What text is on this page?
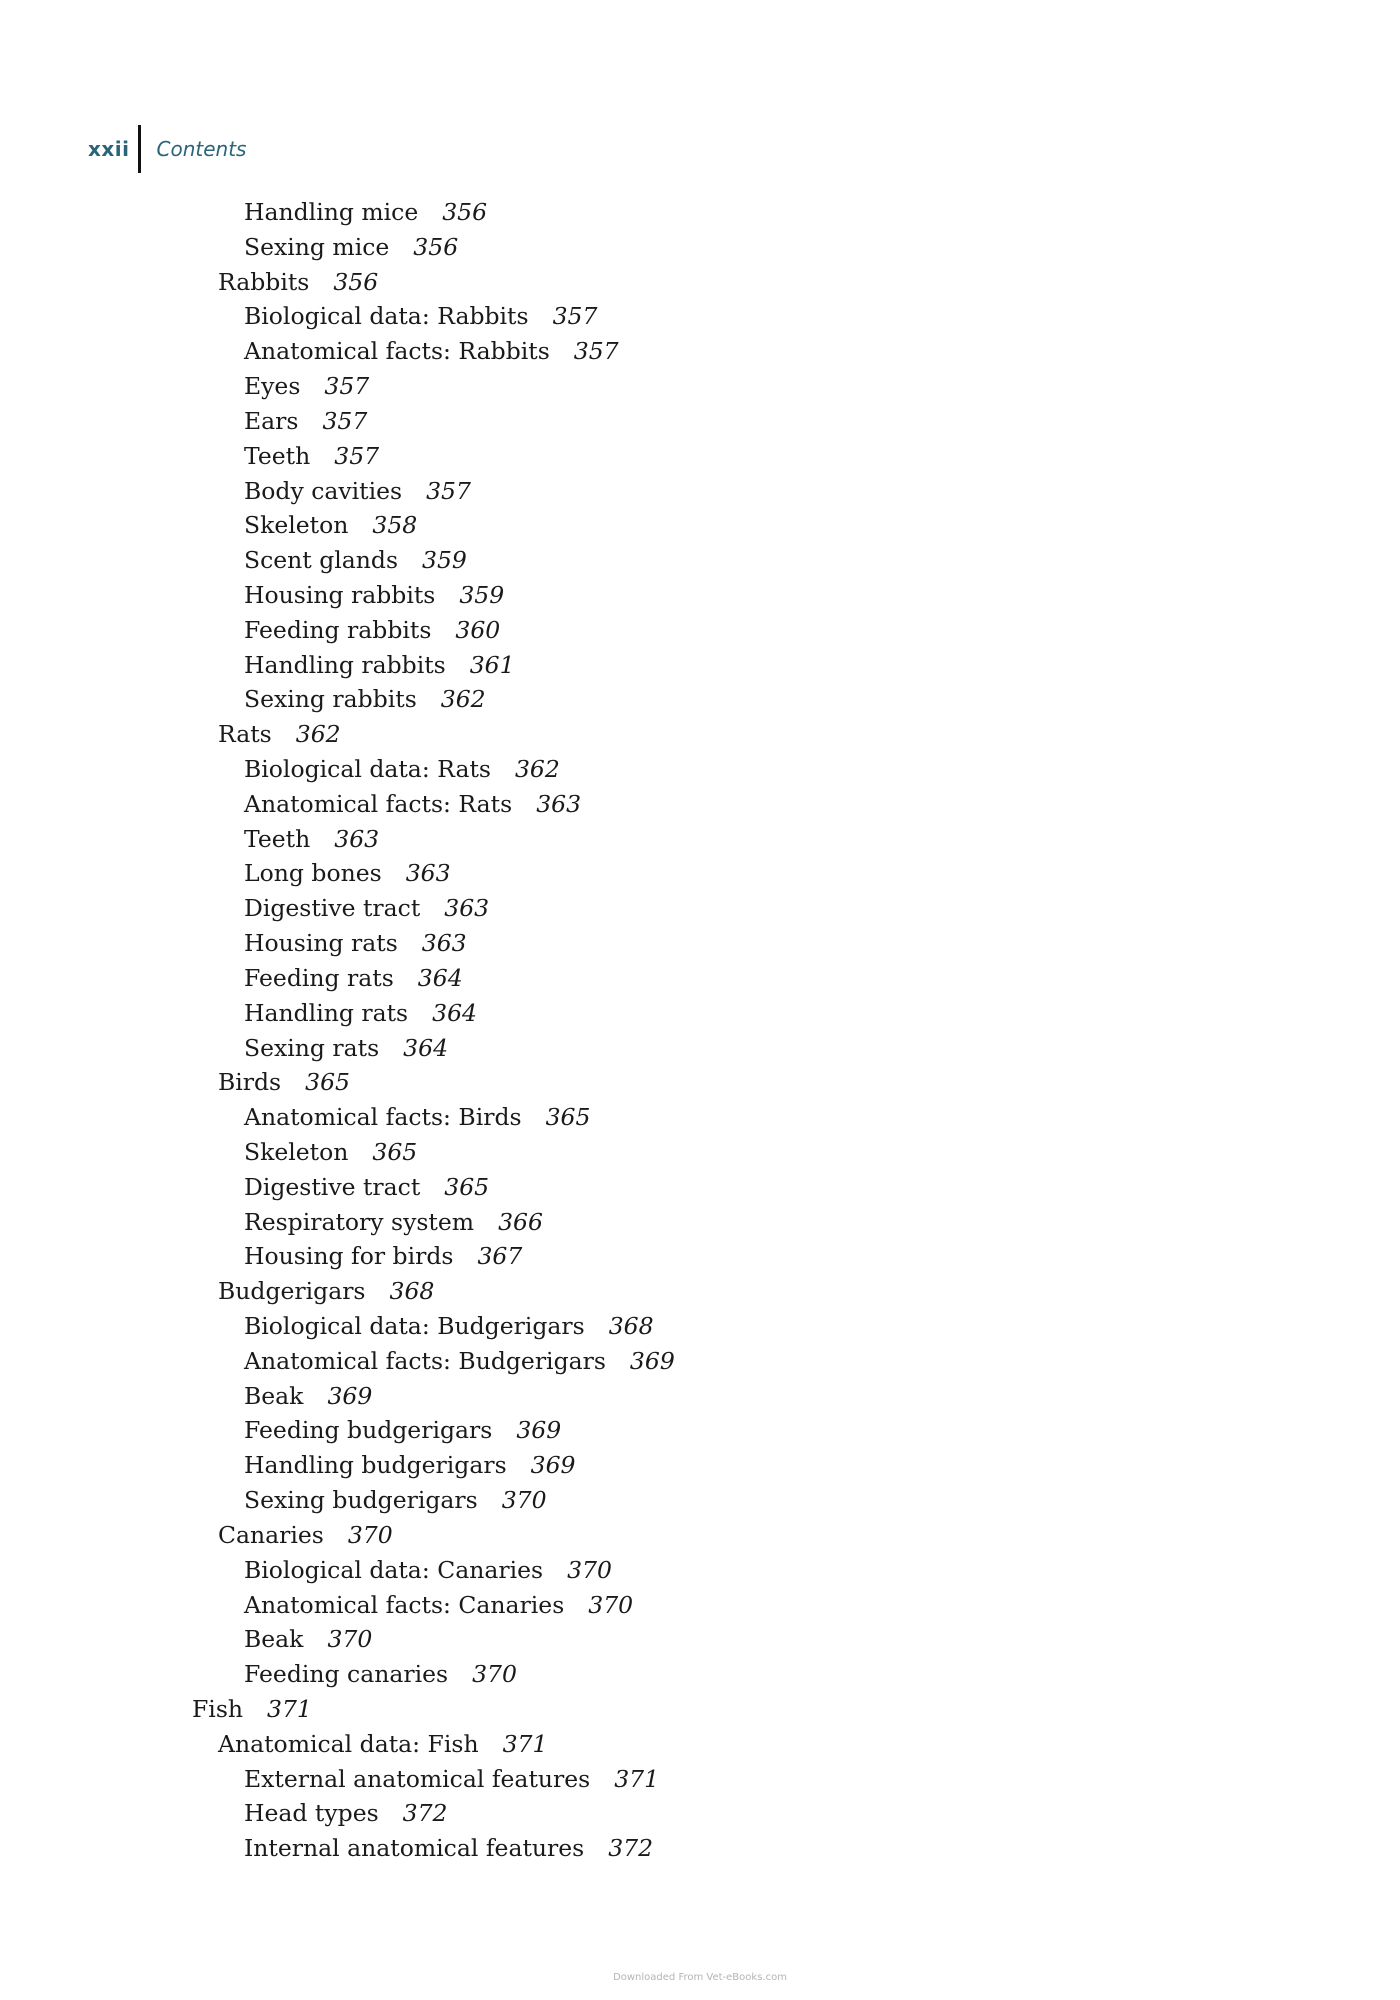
xxii Contents
Handling mice 356
Sexing mice 356
Rabbits 356
Biological data: Rabbits 357
Anatomical facts: Rabbits 357
Eyes 357
Ears 357
Teeth 357
Body cavities 357
Skeleton 358
Scent glands 359
Housing rabbits 359
Feeding rabbits 360
Handling rabbits 361
Sexing rabbits 362
Rats 362
Biological data: Rats 362
Anatomical facts: Rats 363
Teeth 363
Long bones 363
Digestive tract 363
Housing rats 363
Feeding rats 364
Handling rats 364
Sexing rats 364
Birds 365
Anatomical facts: Birds 365
Skeleton 365
Digestive tract 365
Respiratory system 366
Housing for birds 367
Budgerigars 368
Biological data: Budgerigars 368
Anatomical facts: Budgerigars 369
Beak 369
Feeding budgerigars 369
Handling budgerigars 369
Sexing budgerigars 370
Canaries 370
Biological data: Canaries 370
Anatomical facts: Canaries 370
Beak 370
Feeding canaries 370
Fish 371
Anatomical data: Fish 371
External anatomical features 371
Head types 372
Internal anatomical features 372
Downloaded From Vet-eBooks.com
